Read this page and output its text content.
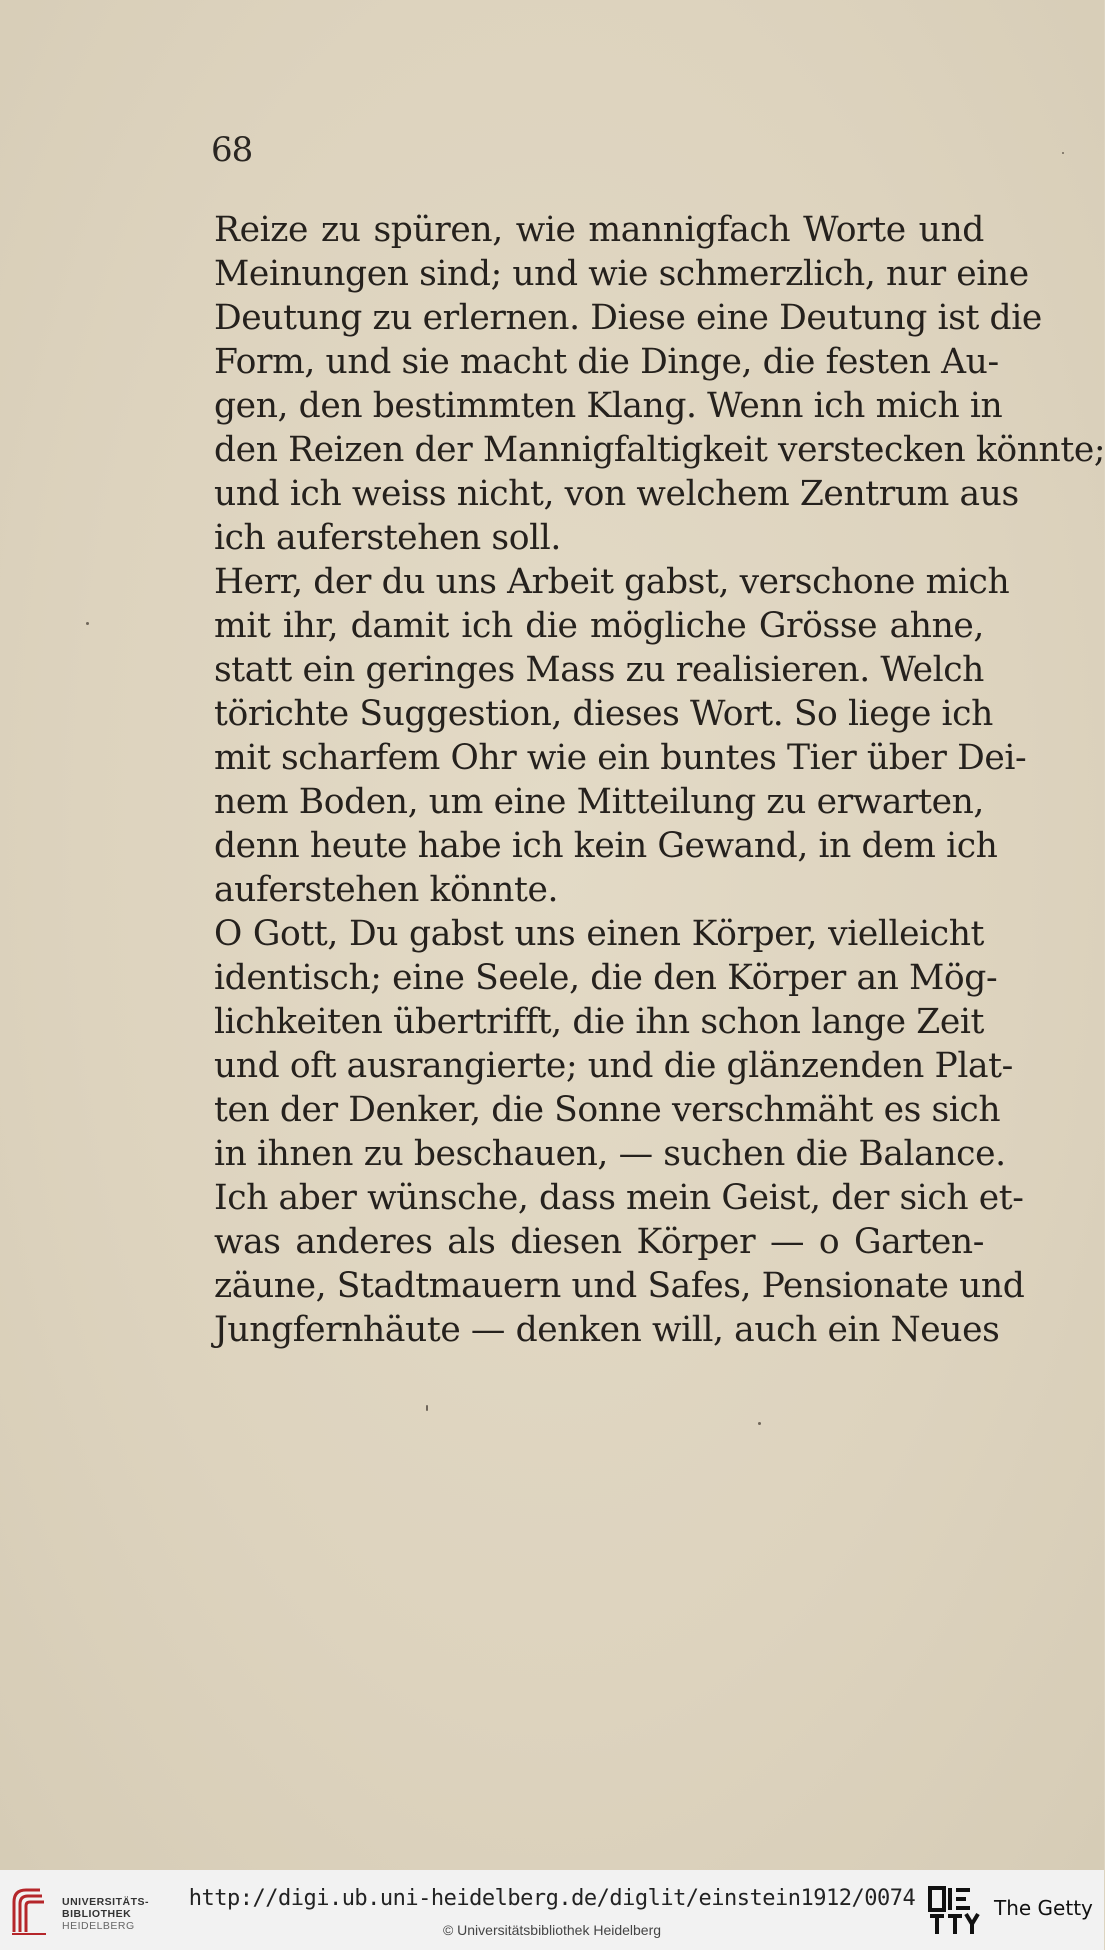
68
Reize zu spüren, wie mannigfach Worte und
Meinungen sind; und wie schmerzlich, nur eine
Deutung zu erlernen. Diese eine Deutung ist die
Form, und sie macht die Dinge, die festen Au-
gen, den bestimmten Klang. Wenn ich mich in
den Reizen der Mannigfaltigkeit verstecken könnte;
und ich weiss nicht, von welchem Zentrum aus
ich auferstehen soll.
Herr, der du uns Arbeit gabst, verschone mich
mit ihr, damit ich die mögliche Grösse ahne,
statt ein geringes Mass zu realisieren. Welch
törichte Suggestion, dieses Wort. So liege ich
mit scharfem Ohr wie ein buntes Tier über Dei-
nem Boden, um eine Mitteilung zu erwarten,
denn heute habe ich kein Gewand, in dem ich
auferstehen könnte.
O Gott, Du gabst uns einen Körper, vielleicht
identisch; eine Seele, die den Körper an Mög-
lichkeiten übertrifft, die ihn schon lange Zeit
und oft ausrangierte; und die glänzenden Plat-
ten der Denker, die Sonne verschmäht es sich
in ihnen zu beschauen, — suchen die Balance.
Ich aber wünsche, dass mein Geist, der sich et-
was anderes als diesen Körper — o Garten-
zäune, Stadtmauern und Safes, Pensionate und
Jungfernhäute — denken will, auch ein Neues
UNIVERSITÄTS-
BIBLIOTHEK
HEIDELBERG
http://digi.ub.uni-heidelberg.de/diglit/einstein1912/0074
© Universitätsbibliothek Heidelberg
The Getty
